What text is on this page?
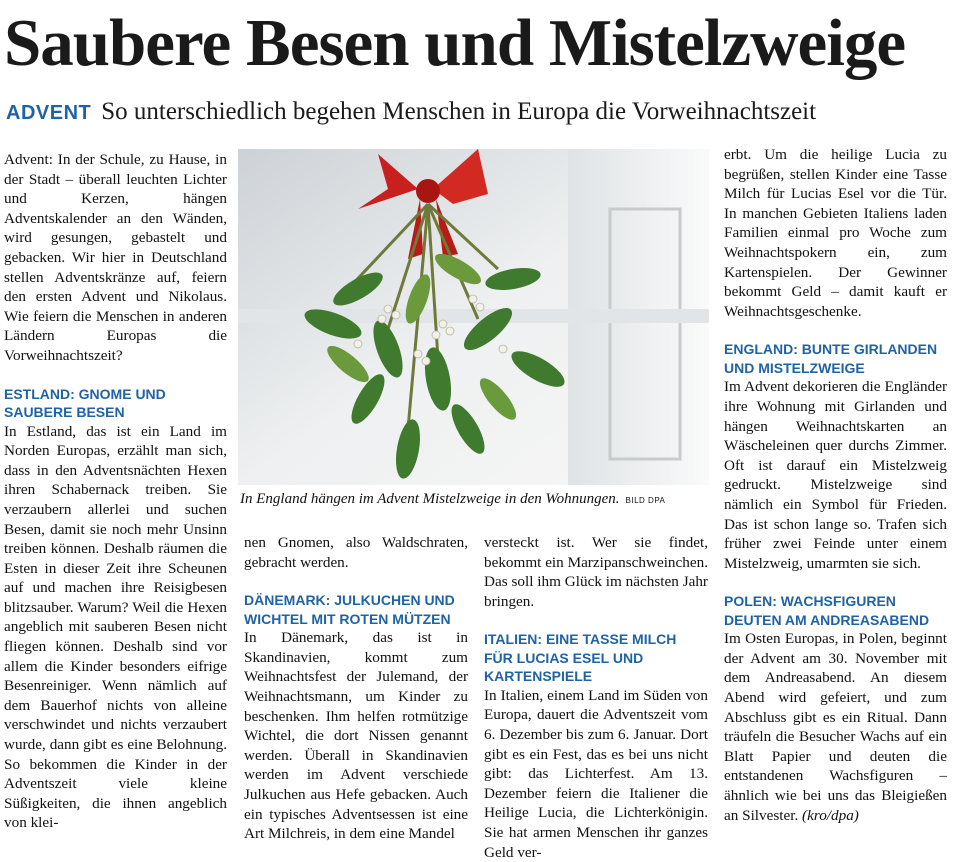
Saubere Besen und Mistelzweige
ADVENT So unterschiedlich begehen Menschen in Europa die Vorweihnachtszeit

Advent: In der Schule, zu Hause, in der Stadt – überall leuchten Lichter und Kerzen, hängen Adventskalender an den Wänden, wird gesungen, gebastelt und gebacken. Wir hier in Deutschland stellen Adventskränze auf, feiern den ersten Advent und Nikolaus. Wie feiern die Menschen in anderen Ländern Europas die Vorweihnachtszeit?

ESTLAND: GNOME UND SAUBERE BESEN

In Estland, das ist ein Land im Norden Europas, erzählt man sich, dass in den Adventsnächten Hexen ihren Schabernack treiben. Sie verzaubern allerlei und suchen Besen, damit sie noch mehr Unsinn treiben können. Deshalb räumen die Esten in dieser Zeit ihre Scheunen auf und machen ihre Reisigbesen blitzsauber. Warum? Weil die Hexen angeblich mit sauberen Besen nicht fliegen können. Deshalb sind vor allem die Kinder besonders eifrige Besenreiniger. Wenn nämlich auf dem Bauerhof nichts von alleine verschwindet und nichts verzaubert wurde, dann gibt es eine Belohnung. So bekommen die Kinder in der Adventszeit viele kleine Süßigkeiten, die ihnen angeblich von klei-

In England hängen im Advent Mistelzweige in den Wohnungen. BILD DPA

nen Gnomen, also Waldschraten, gebracht werden.

DÄNEMARK: JULKUCHEN UND WICHTEL MIT ROTEN MÜTZEN

In Dänemark, das ist in Skandinavien, kommt zum Weihnachtsfest der Julemand, der Weihnachtsmann, um Kinder zu beschenken. Ihm helfen rotmützige Wichtel, die dort Nissen genannt werden. Überall in Skandinavien werden im Advent verschiede Julkuchen aus Hefe gebacken. Auch ein typisches Adventsessen ist eine Art Milchreis, in dem eine Mandel

versteckt ist. Wer sie findet, bekommt ein Marzipanschweinchen. Das soll ihm Glück im nächsten Jahr bringen.

ITALIEN: EINE TASSE MILCH FÜR LUCIAS ESEL UND KARTENSPIELE

In Italien, einem Land im Süden von Europa, dauert die Adventszeit vom 6. Dezember bis zum 6. Januar. Dort gibt es ein Fest, das es bei uns nicht gibt: das Lichterfest. Am 13. Dezember feiern die Italiener die Heilige Lucia, die Lichterkönigin. Sie hat armen Menschen ihr ganzes Geld ver-

erbt. Um die heilige Lucia zu begrüßen, stellen Kinder eine Tasse Milch für Lucias Esel vor die Tür. In manchen Gebieten Italiens laden Familien einmal pro Woche zum Weihnachtspokern ein, zum Kartenspielen. Der Gewinner bekommt Geld – damit kauft er Weihnachtsgeschenke.

ENGLAND: BUNTE GIRLANDEN UND MISTELZWEIGE

Im Advent dekorieren die Engländer ihre Wohnung mit Girlanden und hängen Weihnachtskarten an Wäscheleinen quer durchs Zimmer. Oft ist darauf ein Mistelzweig gedruckt. Mistelzweige sind nämlich ein Symbol für Frieden. Das ist schon lange so. Trafen sich früher zwei Feinde unter einem Mistelzweig, umarmten sie sich.

POLEN: WACHSFIGUREN DEUTEN AM ANDREASABEND

Im Osten Europas, in Polen, beginnt der Advent am 30. November mit dem Andreasabend. An diesem Abend wird gefeiert, und zum Abschluss gibt es ein Ritual. Dann träufeln die Besucher Wachs auf ein Blatt Papier und deuten die entstandenen Wachsfiguren – ähnlich wie bei uns das Bleigießen an Silvester. (kro/dpa)
